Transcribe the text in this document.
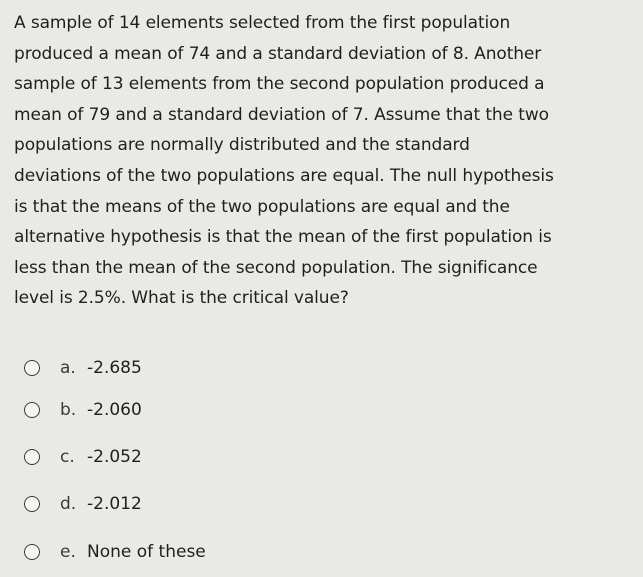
A sample of 14 elements selected from the first population
produced a mean of 74 and a standard deviation of 8. Another
sample of 13 elements from the second population produced a
mean of 79 and a standard deviation of 7. Assume that the two
populations are normally distributed and the standard
deviations of the two populations are equal. The null hypothesis
is that the means of the two populations are equal and the
alternative hypothesis is that the mean of the first population is
less than the mean of the second population. The significance
level is 2.5%. What is the critical value?
a. -2.685
b. -2.060
c. -2.052
d. -2.012
e. None of these
